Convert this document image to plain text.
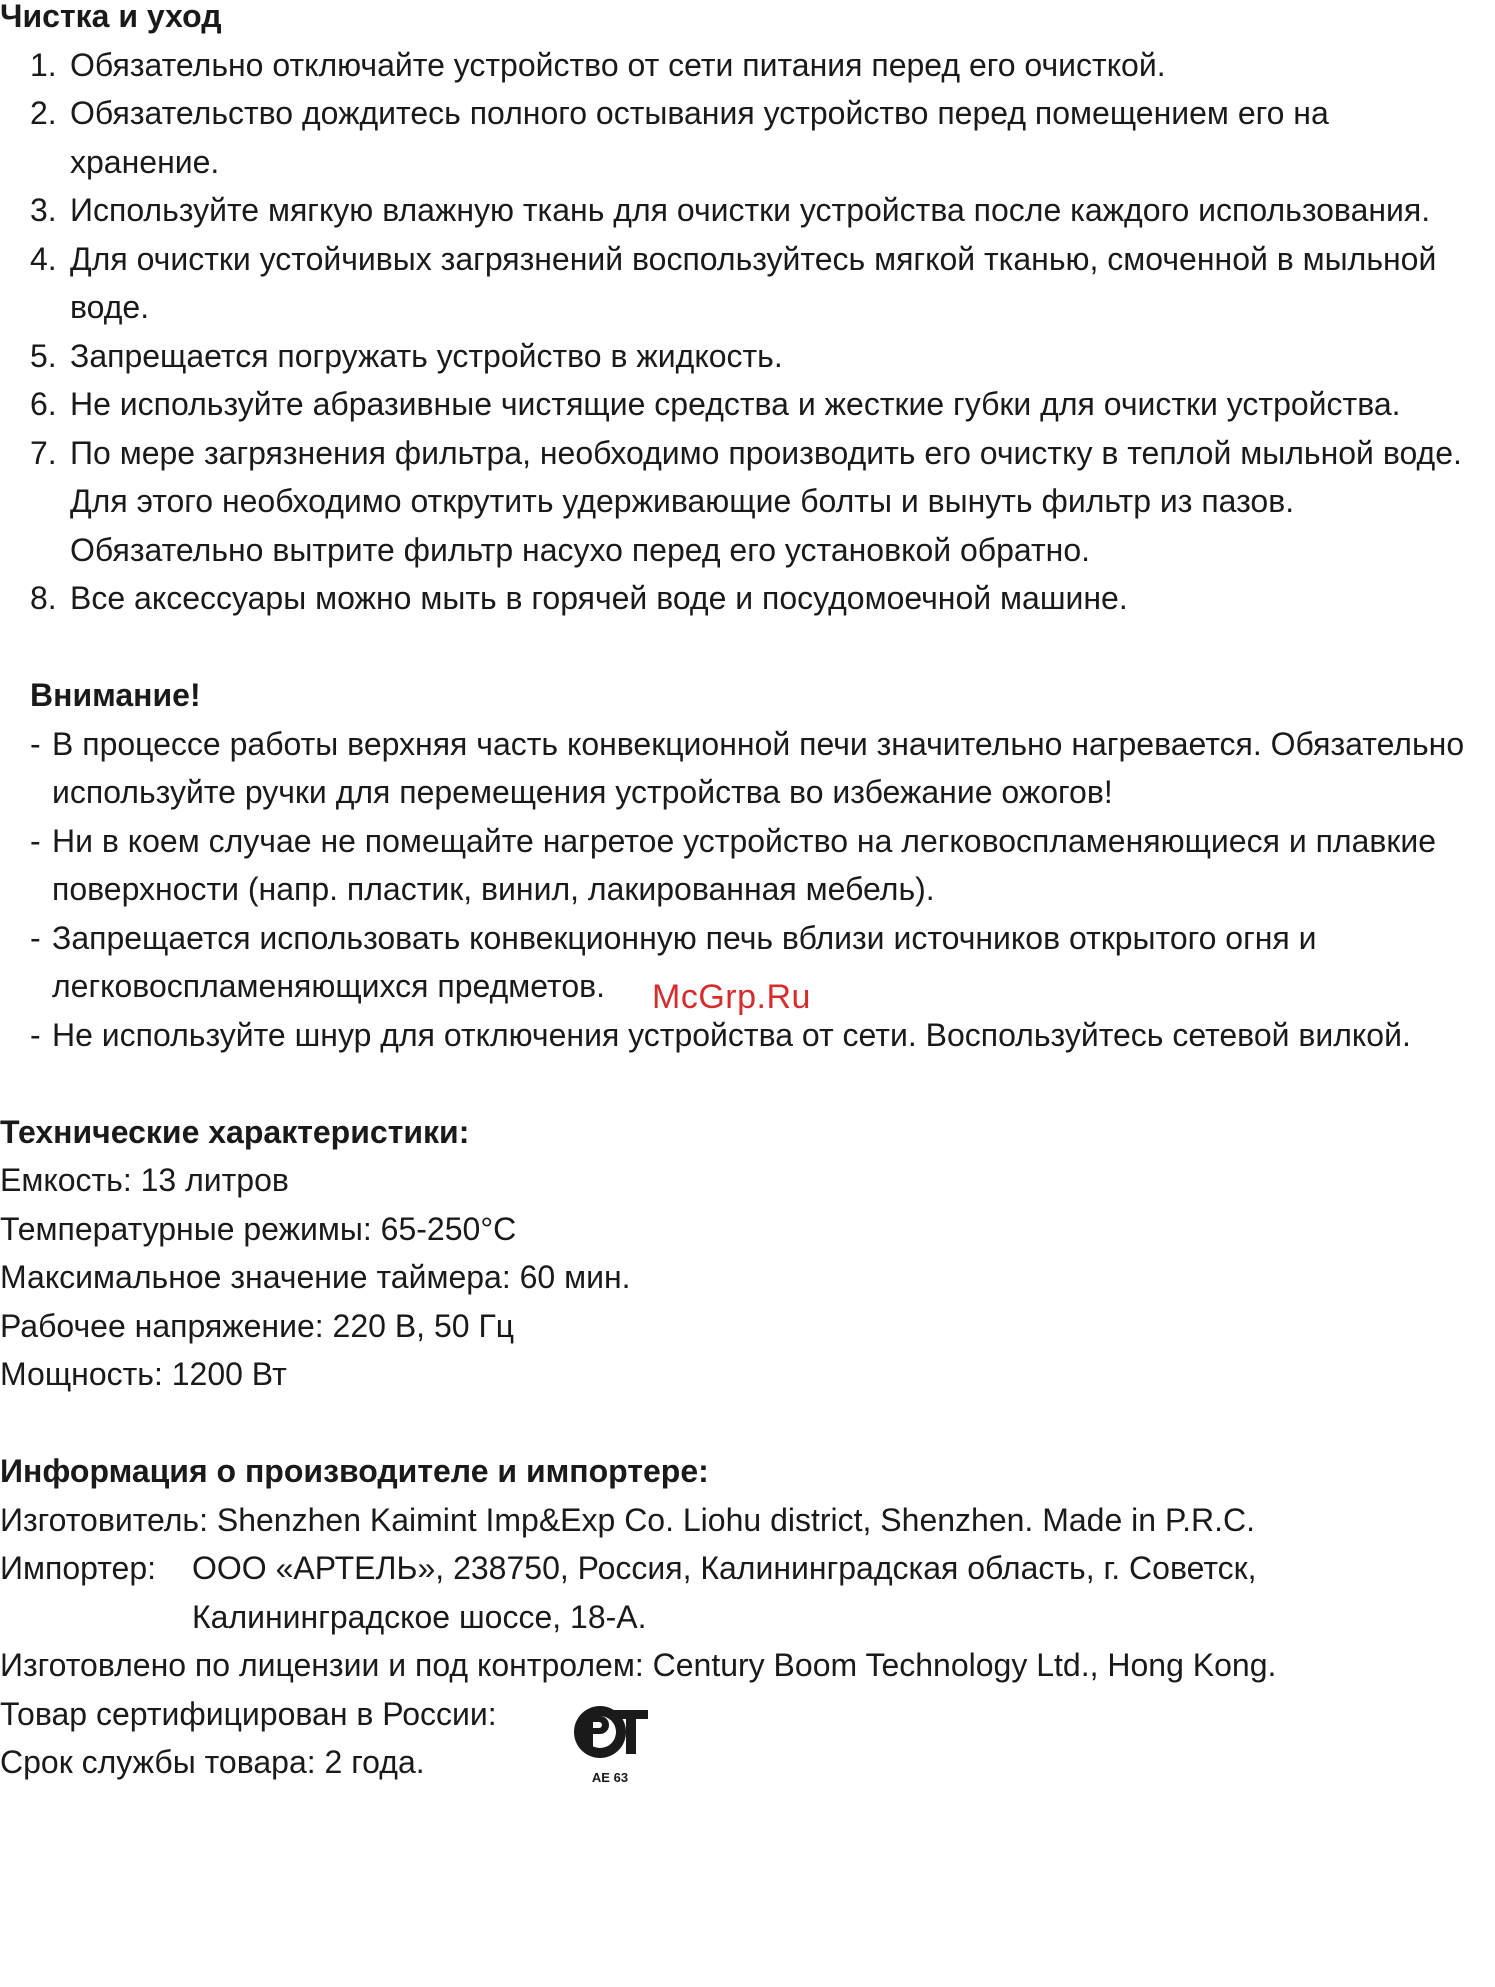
Чистка и уход
1. Обязательно отключайте устройство от сети питания перед его очисткой.
2. Обязательство дождитесь полного остывания устройство перед помещением его на хранение.
3. Используйте мягкую влажную ткань для очистки устройства после каждого использования.
4. Для очистки устойчивых загрязнений воспользуйтесь мягкой тканью, смоченной в мыльной воде.
5. Запрещается погружать устройство в жидкость.
6. Не используйте абразивные чистящие средства и жесткие губки для очистки устройства.
7. По мере загрязнения фильтра, необходимо производить его очистку в теплой мыльной воде. Для этого необходимо открутить удерживающие болты и вынуть фильтр из пазов. Обязательно вытрите фильтр насухо перед его установкой обратно.
8. Все аксессуары можно мыть в горячей воде и посудомоечной машине.
Внимание!
- В процессе работы верхняя часть конвекционной печи значительно нагревается. Обязательно используйте ручки для перемещения устройства во избежание ожогов!
- Ни в коем случае не помещайте нагретое устройство на легковоспламеняющиеся и плавкие поверхности (напр. пластик, винил, лакированная мебель).
- Запрещается использовать конвекционную печь вблизи источников открытого огня и легковоспламеняющихся предметов.
- Не используйте шнур для отключения устройства от сети. Воспользуйтесь сетевой вилкой.
Технические характеристики:
Емкость: 13 литров
Температурные режимы: 65-250°С
Максимальное значение таймера: 60 мин.
Рабочее напряжение: 220 В, 50 Гц
Мощность: 1200 Вт
Информация о производителе и импортере:
Изготовитель: Shenzhen Kaimint Imp&Exp Co. Liohu district, Shenzhen. Made in P.R.C.
Импортер: ООО «АРТЕЛЬ», 238750, Россия, Калининградская область, г. Советск, Калининградское шоссе, 18-А.
Изготовлено по лицензии и под контролем: Century Boom Technology Ltd., Hong Kong.
Товар сертифицирован в России:
AE 63
Срок службы товара: 2 года.
McGrp.Ru
